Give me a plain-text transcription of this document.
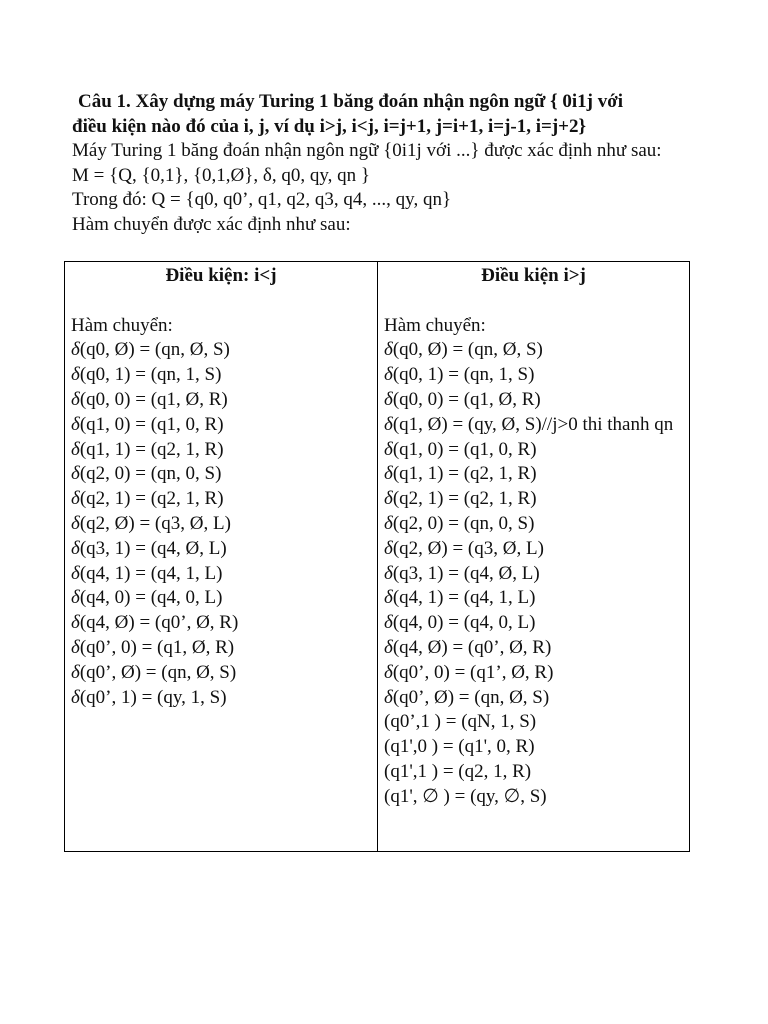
Câu 1. Xây dựng máy Turing 1 băng đoán nhận ngôn ngữ { 0i1j với

điều kiện nào đó của i, j, ví dụ i>j, i<j, i=j+1, j=i+1, i=j-1, i=j+2}

Máy Turing 1 băng đoán nhận ngôn ngữ {0i1j với ...} được xác định như sau:

M = {Q, {0,1}, {0,1,Ø}, δ, q0, qy, qn }

Trong đó: Q = {q0, q0’, q1, q2, q3, q4, ..., qy, qn}

Hàm chuyển được xác định như sau:

Điều kiện: i<j
Hàm chuyển:
δ(q0, Ø) = (qn, Ø, S)
δ(q0, 1) = (qn, 1, S)
δ(q0, 0) = (q1, Ø, R)
δ(q1, 0) = (q1, 0, R)
δ(q1, 1) = (q2, 1, R)
δ(q2, 0) = (qn, 0, S)
δ(q2, 1) = (q2, 1, R)
δ(q2, Ø) = (q3, Ø, L)
δ(q3, 1) = (q4, Ø, L)
δ(q4, 1) = (q4, 1, L)
δ(q4, 0) = (q4, 0, L)
δ(q4, Ø) = (q0’, Ø, R)
δ(q0’, 0) = (q1, Ø, R)
δ(q0’, Ø) = (qn, Ø, S)
δ(q0’, 1) = (qy, 1, S)
Điều kiện i>j
Hàm chuyển:
δ(q0, Ø) = (qn, Ø, S)
δ(q0, 1) = (qn, 1, S)
δ(q0, 0) = (q1, Ø, R)
δ(q1, Ø) = (qy, Ø, S)//j>0 thi thanh qn
δ(q1, 0) = (q1, 0, R)
δ(q1, 1) = (q2, 1, R)
δ(q2, 1) = (q2, 1, R)
δ(q2, 0) = (qn, 0, S)
δ(q2, Ø) = (q3, Ø, L)
δ(q3, 1) = (q4, Ø, L)
δ(q4, 1) = (q4, 1, L)
δ(q4, 0) = (q4, 0, L)
δ(q4, Ø) = (q0’, Ø, R)
δ(q0’, 0) = (q1’, Ø, R)
δ(q0’, Ø) = (qn, Ø, S)
(q0’,1 ) = (qN, 1, S)
(q1',0 ) = (q1', 0, R)
(q1',1 ) = (q2, 1, R)
(q1', ∅ ) = (qy, ∅, S)
